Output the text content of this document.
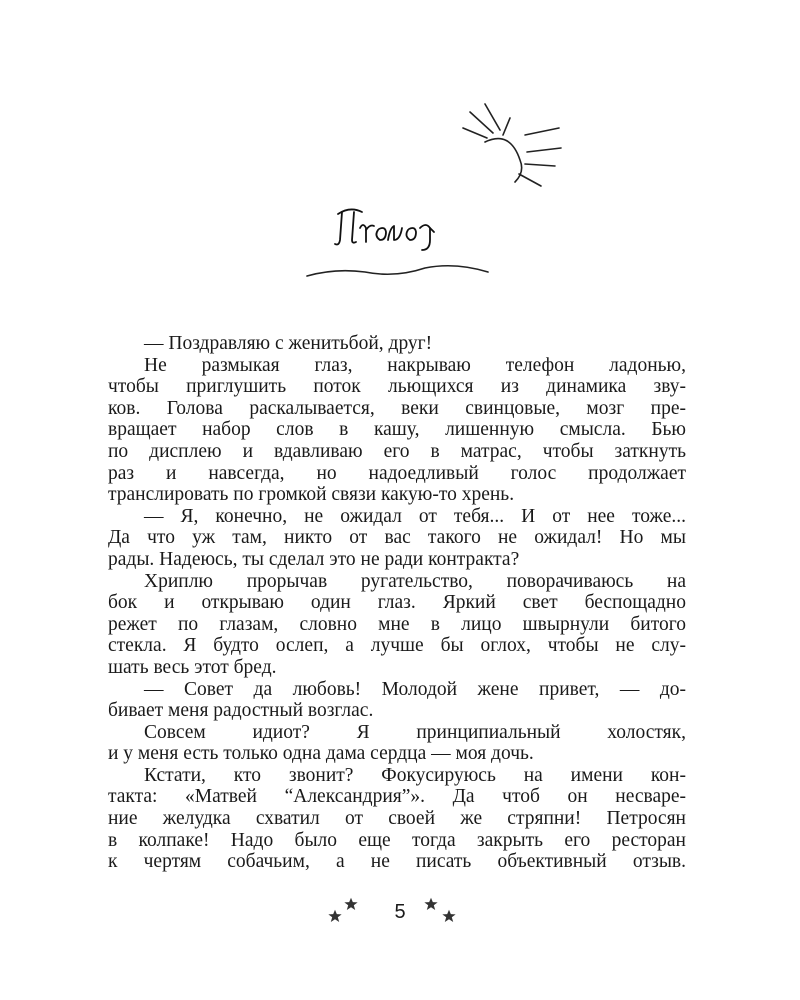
— Поздравляю с женитьбой, друг!
Не размыкая глаз, накрываю телефон ладонью,
чтобы приглушить поток льющихся из динамика зву-
ков. Голова раскалывается, веки свинцовые, мозг пре-
вращает набор слов в кашу, лишенную смысла. Бью
по дисплею и вдавливаю его в матрас, чтобы заткнуть
раз и навсегда, но надоедливый голос продолжает
транслировать по громкой связи какую-то хрень.
— Я, конечно, не ожидал от тебя... И от нее тоже...
Да что уж там, никто от вас такого не ожидал! Но мы
рады. Надеюсь, ты сделал это не ради контракта?
Хриплю прорычав ругательство, поворачиваюсь на
бок и открываю один глаз. Яркий свет беспощадно
режет по глазам, словно мне в лицо швырнули битого
стекла. Я будто ослеп, а лучше бы оглох, чтобы не слу-
шать весь этот бред.
— Совет да любовь! Молодой жене привет, — до-
бивает меня радостный возглас.
Совсем идиот? Я принципиальный холостяк,
и у меня есть только одна дама сердца — моя дочь.
Кстати, кто звонит? Фокусируюсь на имени кон-
такта: «Матвей “Александрия”». Да чтоб он несваре-
ние желудка схватил от своей же стряпни! Петросян
в колпаке! Надо было еще тогда закрыть его ресторан
к чертям собачьим, а не писать объективный отзыв.
5
